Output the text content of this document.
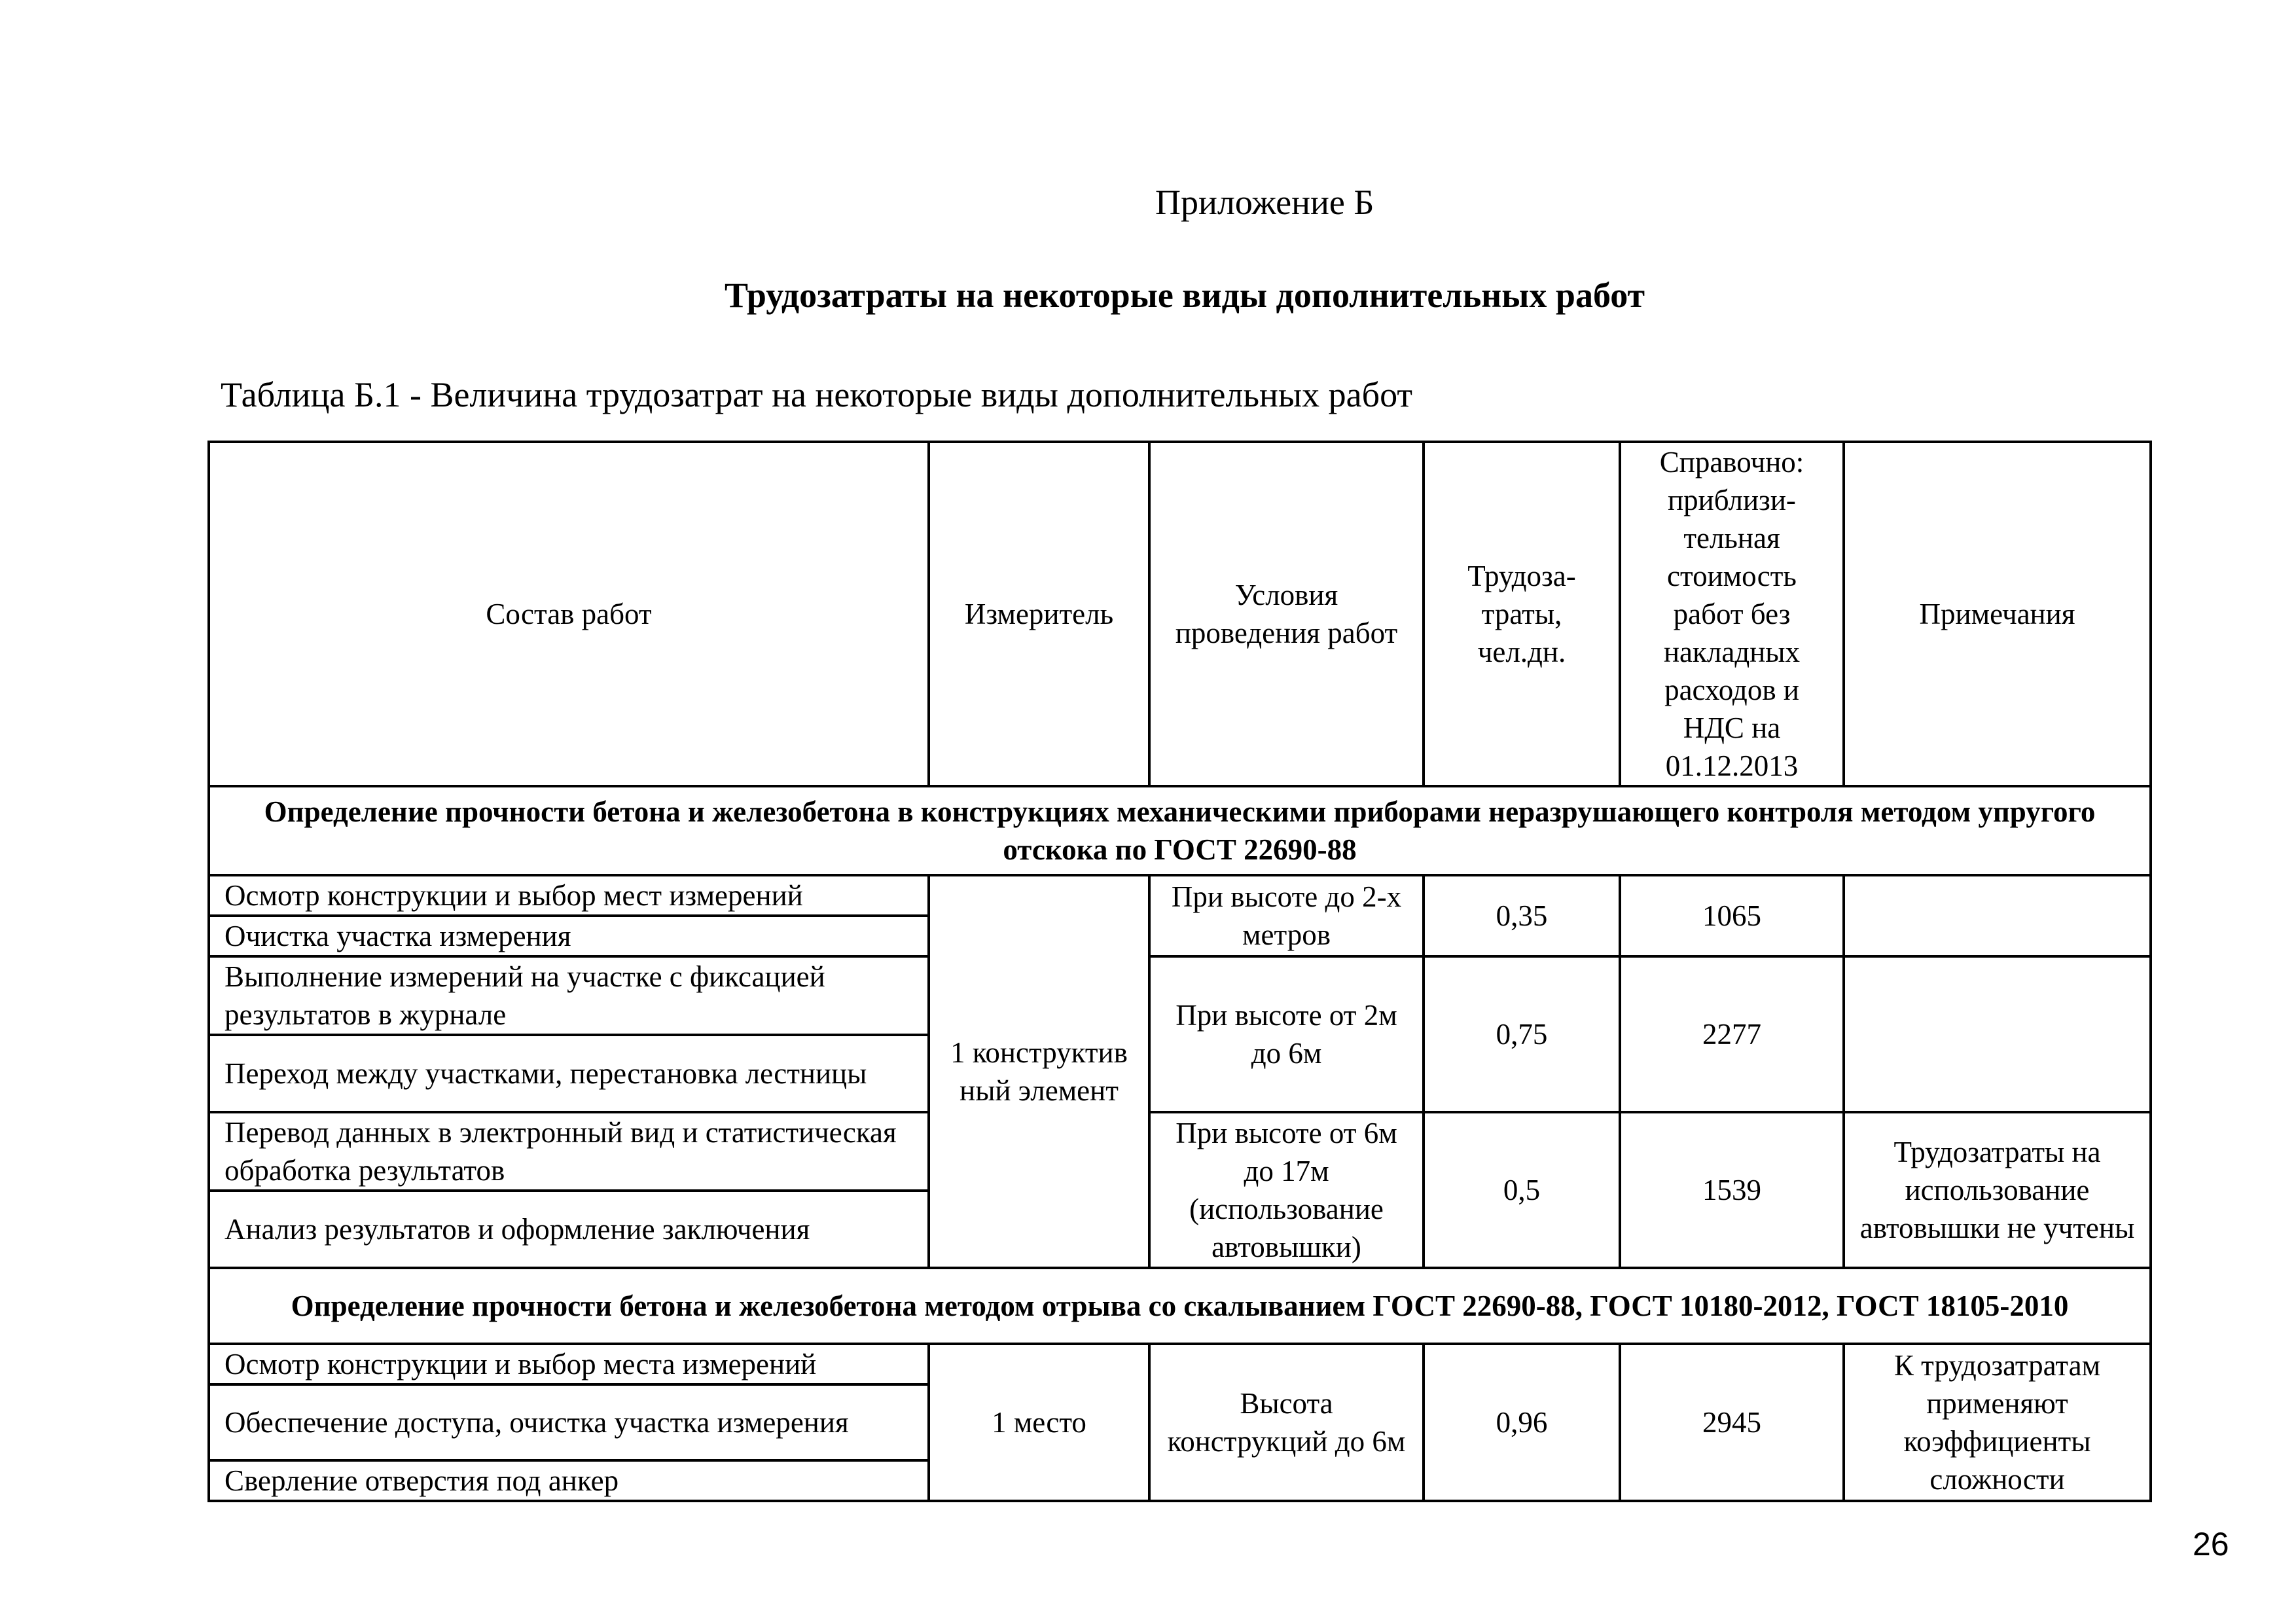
Приложение Б
Трудозатраты на некоторые виды дополнительных работ
Таблица Б.1 - Величина трудозатрат на некоторые виды дополнительных работ
Состав работ	Измеритель	Условия проведения работ	Трудоза-траты, чел.дн.	Справочно: приблизи-тельная стоимость работ без накладных расходов и НДС на 01.12.2013	Примечания
Определение прочности бетона и железобетона в конструкциях механическими приборами неразрушающего контроля методом упругого отскока по ГОСТ 22690-88					
Осмотр конструкции и выбор мест измерений	1 конструктив ный элемент	При высоте до 2-х метров	0,35	1065	
Очистка участка измерения					
Выполнение измерений на участке с фиксацией результатов в журнале		При высоте от 2м до 6м	0,75	2277	
Переход между участками, перестановка лестницы					
Перевод данных в электронный вид и статистическая обработка результатов		При высоте от 6м до 17м (использование автовышки)	0,5	1539	Трудозатраты на использование автовышки не учтены
Анализ результатов и оформление заключения					
Определение прочности бетона и железобетона методом отрыва со скалыванием ГОСТ 22690-88, ГОСТ 10180-2012, ГОСТ 18105-2010					
Осмотр конструкции и выбор места измерений	1 место	Высота конструкций до 6м	0,96	2945	К трудозатратам применяют коэффициенты сложности
Обеспечение доступа, очистка участка измерения					
Сверление отверстия под анкер					
26
